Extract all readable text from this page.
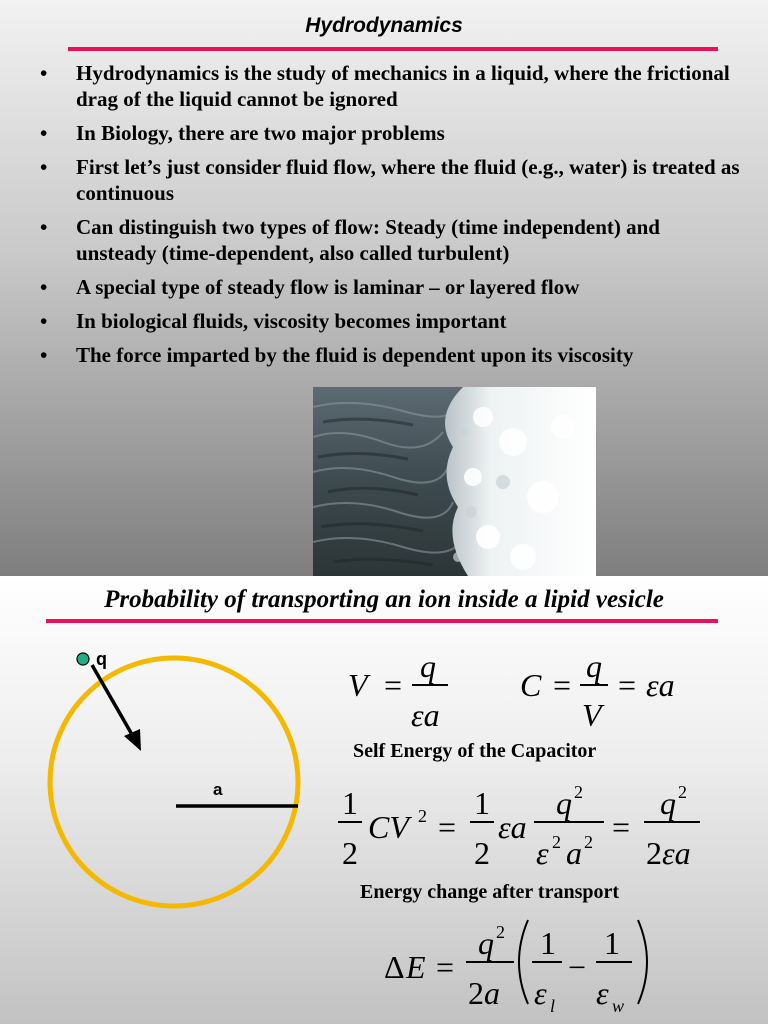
Hydrodynamics
• Hydrodynamics is the study of mechanics in a liquid, where the frictional drag of the liquid cannot be ignored
• In Biology, there are two major problems
• First let’s just consider fluid flow, where the fluid (e.g., water) is treated as continuous
• Can distinguish two types of flow: Steady (time independent) and unsteady (time-dependent, also called turbulent)
• A special type of steady flow is laminar – or layered flow
• In biological fluids, viscosity becomes important
• The force imparted by the fluid is dependent upon its viscosity
Probability of transporting an ion inside a lipid vesicle
a
q
V =
q
εa
C =
q
V
= εa
1
2
CV 2 =
1
2
εa
q 2
ε 2 a 2 =
q 2
2 εa
Δ E =
q 2
2 a
1
ε l
−
1
ε w
Self Energy of the Capacitor
Energy change after transport
